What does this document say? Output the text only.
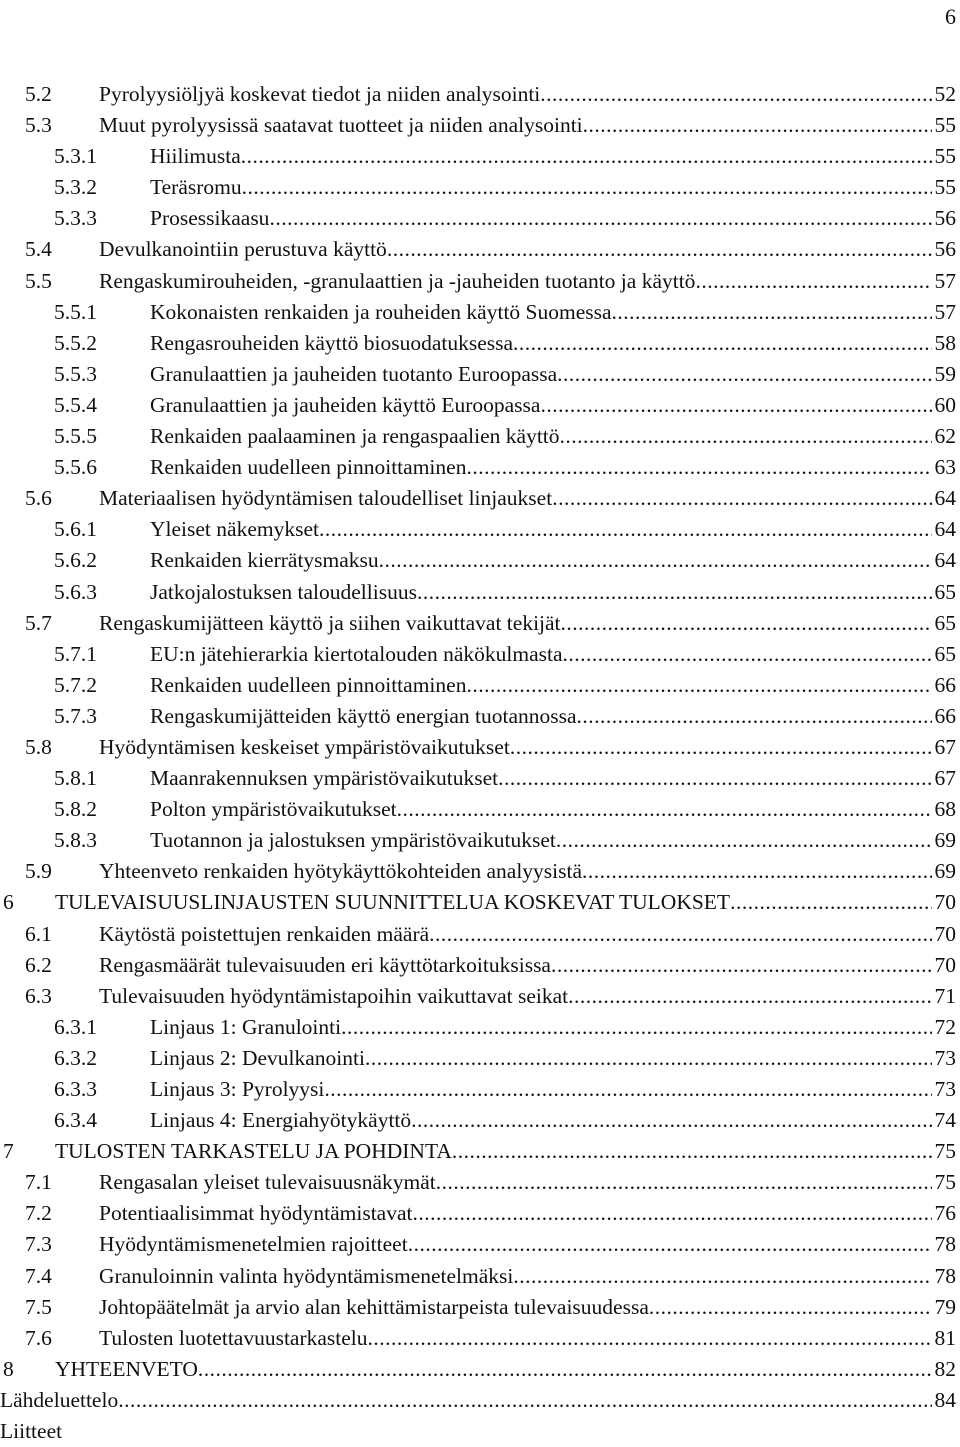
6
5.2 Pyrolyysiöljyä koskevat tiedot ja niiden analysointi .....	52
5.3 Muut pyrolyysissä saatavat tuotteet ja niiden analysointi .....	55
5.3.1 Hiilimusta .....	55
5.3.2 Teräsromu .....	55
5.3.3 Prosessikaasu .....	56
5.4 Devulkanointiin perustuva käyttö .....	56
5.5 Rengaskumirouheiden, -granulaattien ja -jauheiden tuotanto ja käyttö .....	57
5.5.1 Kokonaisten renkaiden ja rouheiden käyttö Suomessa .....	57
5.5.2 Rengasrouheiden käyttö biosuodatuksessa .....	58
5.5.3 Granulaattien ja jauheiden tuotanto Euroopassa .....	59
5.5.4 Granulaattien ja jauheiden käyttö Euroopassa .....	60
5.5.5 Renkaiden paalaaminen ja rengaspaalien käyttö .....	62
5.5.6 Renkaiden uudelleen pinnoittaminen .....	63
5.6 Materiaalisen hyödyntämisen taloudelliset linjaukset .....	64
5.6.1 Yleiset näkemykset .....	64
5.6.2 Renkaiden kierrätysmaksu .....	64
5.6.3 Jatkojalostuksen taloudellisuus .....	65
5.7 Rengaskumijätteen käyttö ja siihen vaikuttavat tekijät .....	65
5.7.1 EU:n jätehierarkia kiertotalouden näkökulmasta .....	65
5.7.2 Renkaiden uudelleen pinnoittaminen .....	66
5.7.3 Rengaskumijätteiden käyttö energian tuotannossa .....	66
5.8 Hyödyntämisen keskeiset ympäristövaikutukset .....	67
5.8.1 Maanrakennuksen ympäristövaikutukset .....	67
5.8.2 Polton ympäristövaikutukset .....	68
5.8.3 Tuotannon ja jalostuksen ympäristövaikutukset .....	69
5.9 Yhteenveto renkaiden hyötykäyttökohteiden analyysistä .....	69
6 TULEVAISUUSLINJAUSTEN SUUNNITTELUA KOSKEVAT TULOKSET .....	70
6.1 Käytöstä poistettujen renkaiden määrä .....	70
6.2 Rengasmäärät tulevaisuuden eri käyttötarkoituksissa .....	70
6.3 Tulevaisuuden hyödyntämistapoihin vaikuttavat seikat .....	71
6.3.1 Linjaus 1: Granulointi .....	72
6.3.2 Linjaus 2: Devulkanointi .....	73
6.3.3 Linjaus 3: Pyrolyysi .....	73
6.3.4 Linjaus 4: Energiahyötykäyttö .....	74
7 TULOSTEN TARKASTELU JA POHDINTA .....	75
7.1 Rengasalan yleiset tulevaisuusnäkymät .....	75
7.2 Potentiaalisimmat hyödyntämistavat .....	76
7.3 Hyödyntämismenetelmien rajoitteet .....	78
7.4 Granuloinnin valinta hyödyntämismenetelmäksi .....	78
7.5 Johtopäätelmät ja arvio alan kehittämistarpeista tulevaisuudessa .....	79
7.6 Tulosten luotettavuustarkastelu .....	81
8 YHTEENVETO .....	82
Lähdeluettelo .....	84
Liitteet
